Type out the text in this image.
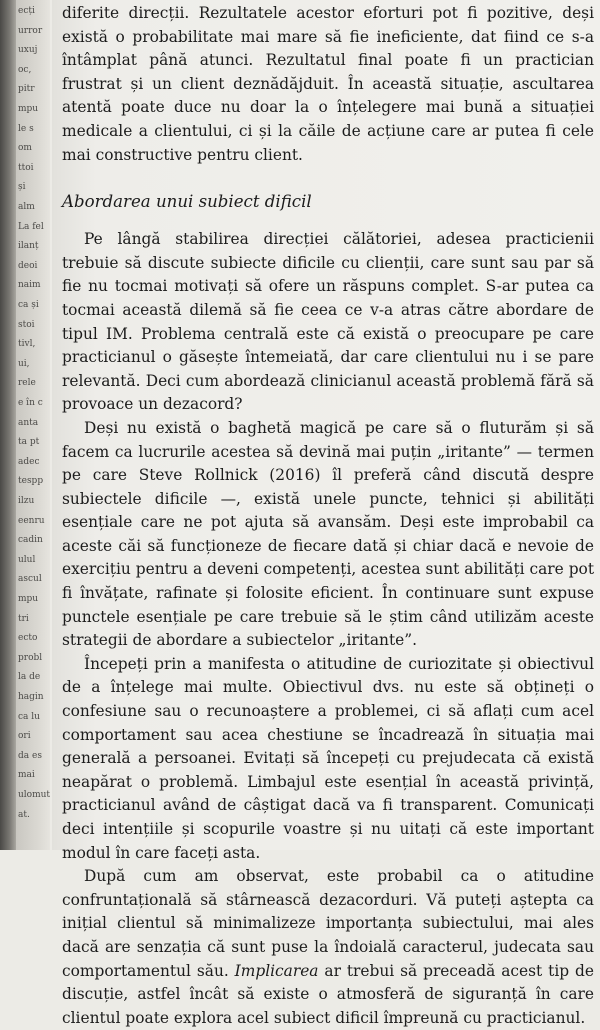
ecți
urror
uxuj
oc,
pitr
mpu
le s
om
ttoi
și
alm
La fel
ilanț
deoi
naim
ca și
stoi
tivl,
ui,
rele
e în c
anta
ta pt
adec
tespp
ilzu
eenru
cadin
ulul
ascul
mpu
tri
ecto
probl
la de
hagin
ca lu
ori
da es
mai
ulomut
at.

diferite direcții. Rezultatele acestor eforturi pot fi pozitive, deși există o probabilitate mai mare să fie ineficiente, dat fiind ce s-a întâmplat până atunci. Rezultatul final poate fi un practician frustrat și un client deznădăjduit. În această situație, ascultarea atentă poate duce nu doar la o înțelegere mai bună a situației medicale a clientului, ci și la căile de acțiune care ar putea fi cele mai constructive pentru client.

Abordarea unui subiect dificil

Pe lângă stabilirea direcției călătoriei, adesea practicienii trebuie să discute subiecte dificile cu clienții, care sunt sau par să fie nu tocmai motivați să ofere un răspuns complet. S-ar putea ca tocmai această dilemă să fie ceea ce v-a atras către abordare de tipul IM. Problema centrală este că există o preocupare pe care practicianul o găsește întemeiată, dar care clientului nu i se pare relevantă. Deci cum abordează clinicianul această problemă fără să provoace un dezacord?

Deși nu există o baghetă magică pe care să o fluturăm și să facem ca lucrurile acestea să devină mai puțin „iritante” — termen pe care Steve Rollnick (2016) îl preferă când discută despre subiectele dificile —, există unele puncte, tehnici și abilități esențiale care ne pot ajuta să avansăm. Deși este improbabil ca aceste căi să funcționeze de fiecare dată și chiar dacă e nevoie de exercițiu pentru a deveni competenți, acestea sunt abilități care pot fi învățate, rafinate și folosite eficient. În continuare sunt expuse punctele esențiale pe care trebuie să le știm când utilizăm aceste strategii de abordare a subiectelor „iritante”.

Începeți prin a manifesta o atitudine de curiozitate și obiectivul de a înțelege mai multe. Obiectivul dvs. nu este să obțineți o confesiune sau o recunoaștere a problemei, ci să aflați cum acel comportament sau acea chestiune se încadrează în situația mai generală a persoanei. Evitați să începeți cu prejudecata că există neapărat o problemă. Limbajul este esențial în această privință, practicianul având de câștigat dacă va fi transparent. Comunicați deci intențiile și scopurile voastre și nu uitați că este important modul în care faceți asta.

După cum am observat, este probabil ca o atitudine confruntațională să stârnească dezacorduri. Vă puteți aștepta ca inițial clientul să minimalizeze importanța subiectului, mai ales dacă are senzația că sunt puse la îndoială caracterul, judecata sau comportamentul său. Implicarea ar trebui să preceadă acest tip de discuție, astfel încât să existe o atmosferă de siguranță în care clientul poate explora acel subiect dificil împreună cu practicianul.
